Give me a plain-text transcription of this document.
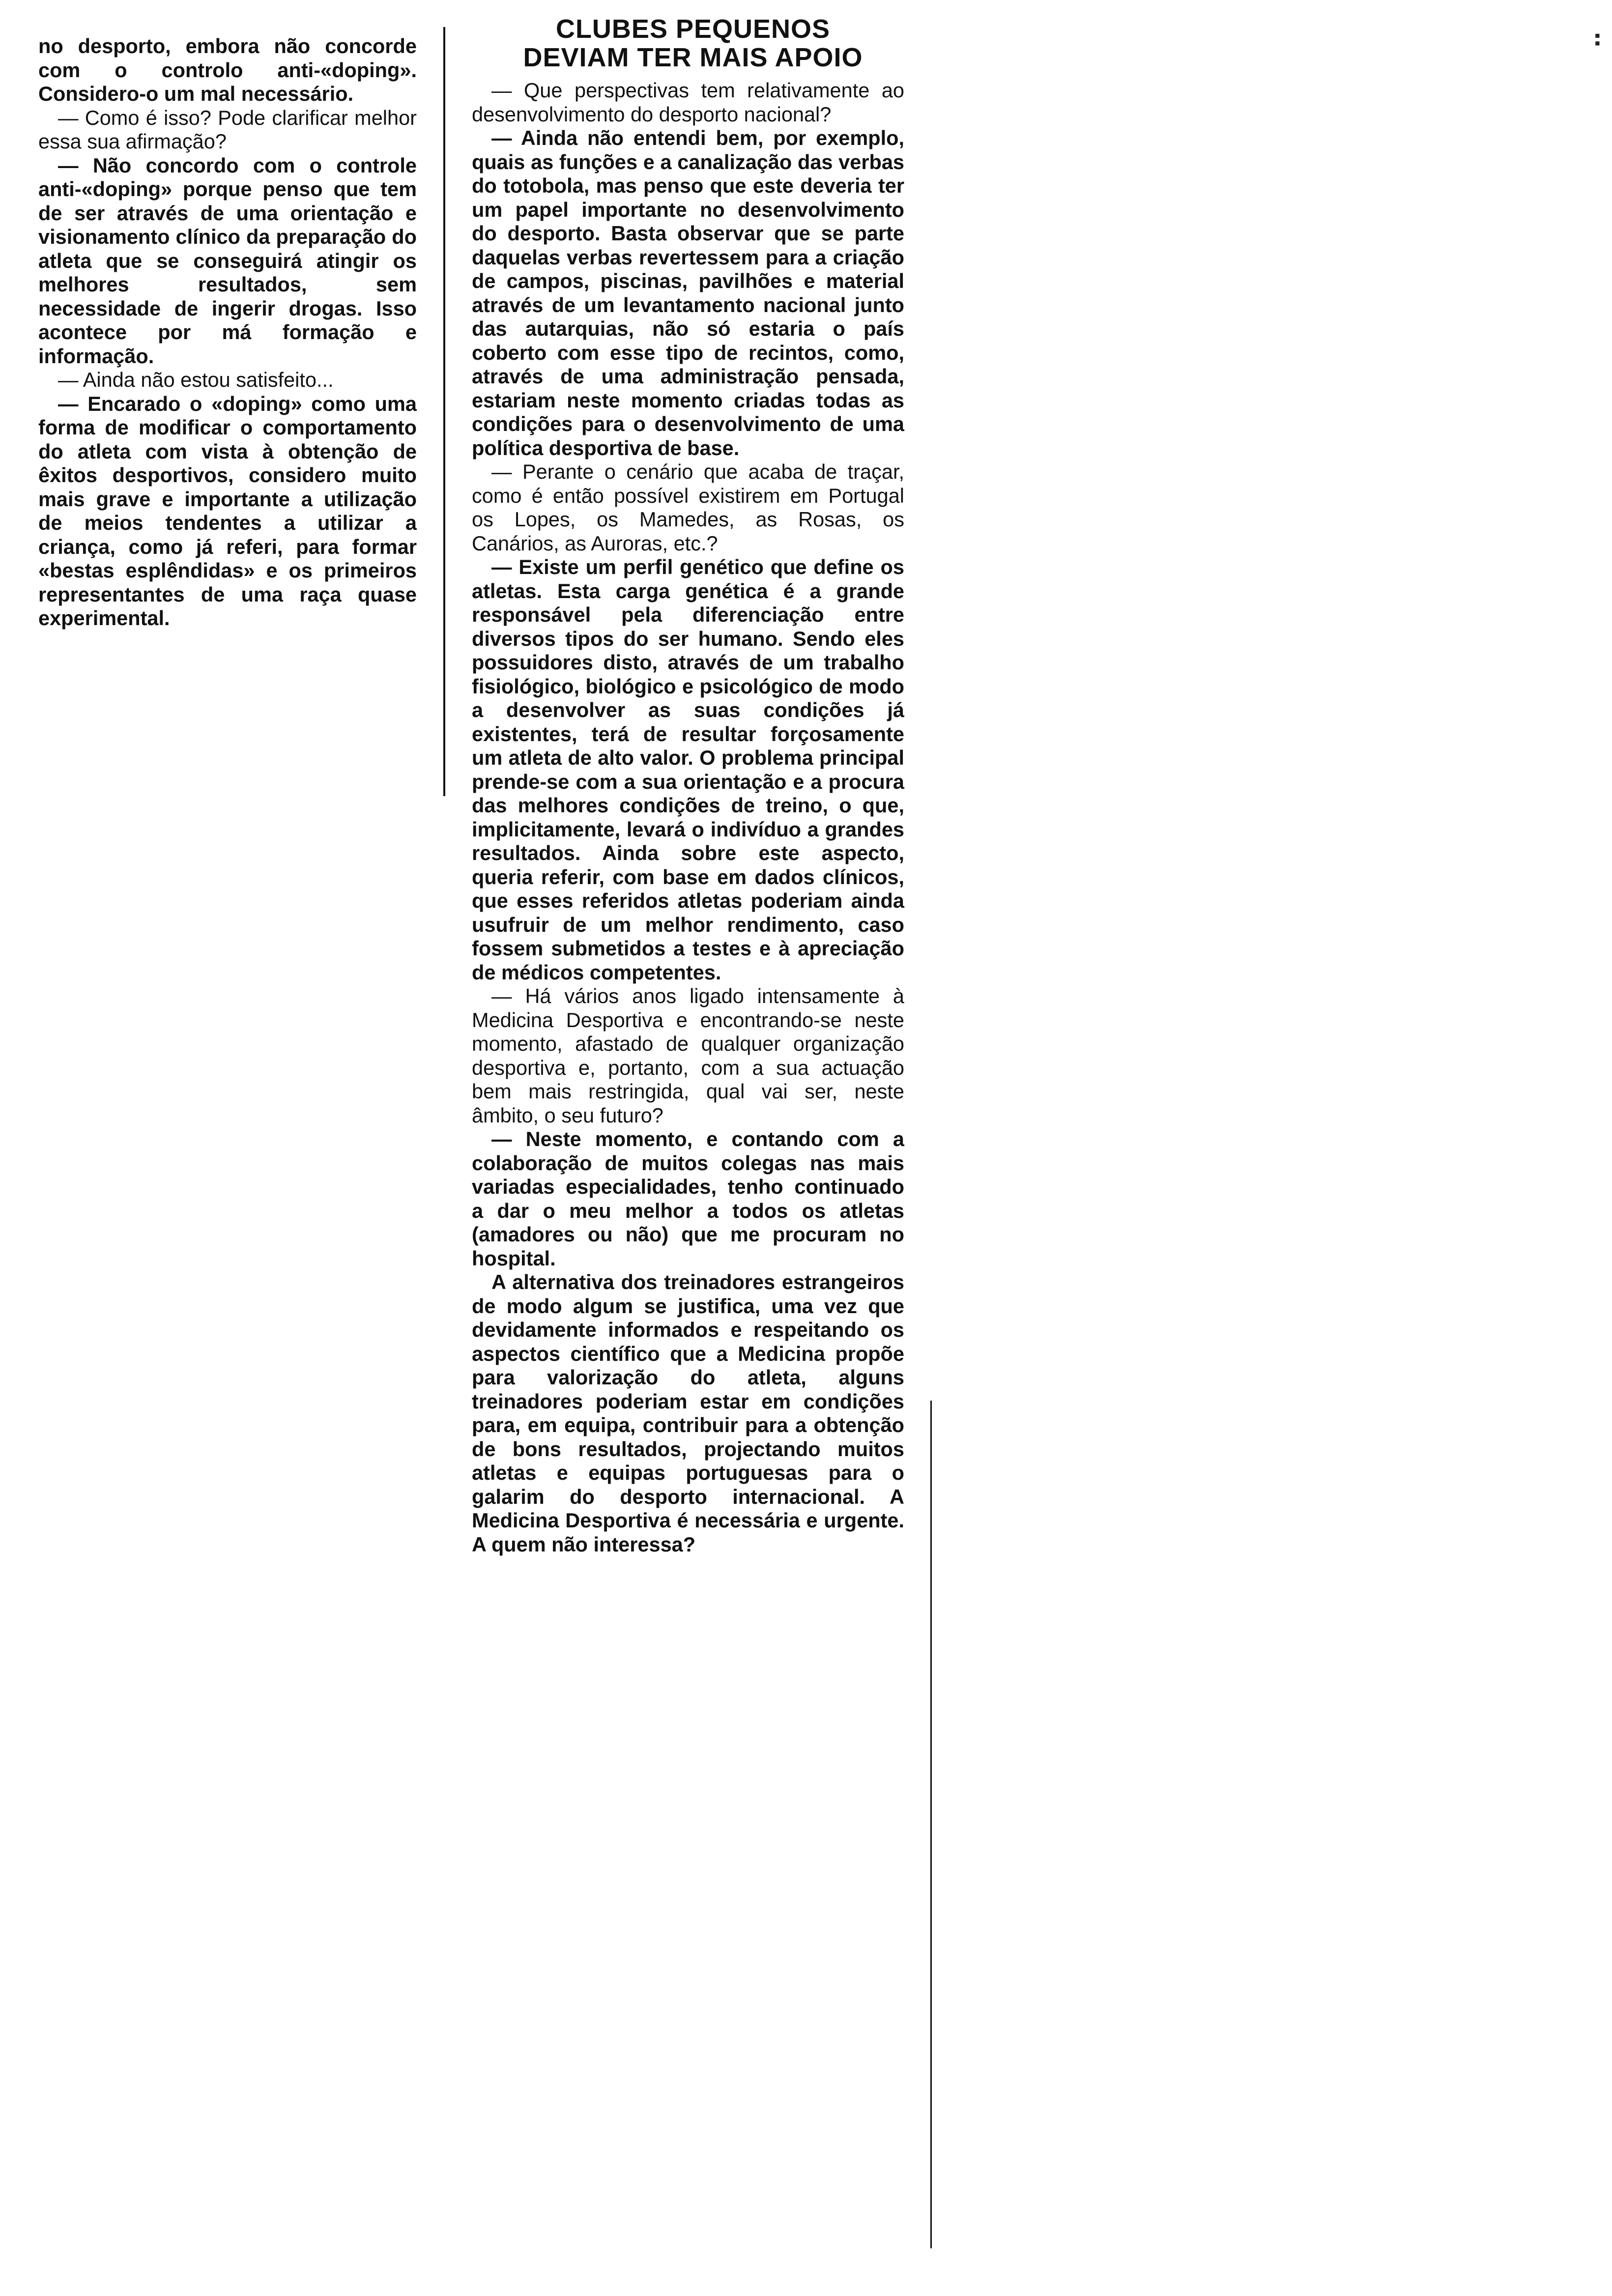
no desporto, embora não concorde com o controlo anti-«doping». Considero-o um mal necessário.

— Como é isso? Pode clarificar melhor essa sua afirmação?

— Não concordo com o controle anti-«doping» porque penso que tem de ser através de uma orientação e visionamento clínico da preparação do atleta que se conseguirá atingir os melhores resultados, sem necessidade de ingerir drogas. Isso acontece por má formação e informação.

— Ainda não estou satisfeito...

— Encarado o «doping» como uma forma de modificar o comportamento do atleta com vista à obtenção de êxitos desportivos, considero muito mais grave e importante a utilização de meios tendentes a utilizar a criança, como já referi, para formar «bestas esplêndidas» e os primeiros representantes de uma raça quase experimental.

CLUBES PEQUENOS DEVIAM TER MAIS APOIO

— Que perspectivas tem relativamente ao desenvolvimento do desporto nacional?

— Ainda não entendi bem, por exemplo, quais as funções e a canalização das verbas do totobola, mas penso que este deveria ter um papel importante no desenvolvimento do desporto. Basta observar que se parte daquelas verbas revertessem para a criação de campos, piscinas, pavilhões e material através de um levantamento nacional junto das autarquias, não só estaria o país coberto com esse tipo de recintos, como, através de uma administração pensada, estariam neste momento criadas todas as condições para o desenvolvimento de uma política desportiva de base.

— Perante o cenário que acaba de traçar, como é então possível existirem em Portugal os Lopes, os Mamedes, as Rosas, os Canários, as Auroras, etc.?

— Existe um perfil genético que define os atletas. Esta carga genética é a grande responsável pela diferenciação entre diversos tipos do ser humano. Sendo eles possuidores disto, através de um trabalho fisiológico, biológico e psicológico de modo a desenvolver as suas condições já existentes, terá de resultar forçosamente um atleta de alto valor. O problema principal prende-se com a sua orientação e a procura das melhores condições de treino, o que, implicitamente, levará o indivíduo a grandes resultados. Ainda sobre este aspecto, queria referir, com base em dados clínicos, que esses referidos atletas poderiam ainda usufruir de um melhor rendimento, caso fossem submetidos a testes e à apreciação de médicos competentes.

— Há vários anos ligado intensamente à Medicina Desportiva e encontrando-se neste momento, afastado de qualquer organização desportiva e, portanto, com a sua actuação bem mais restringida, qual vai ser, neste âmbito, o seu futuro?

— Neste momento, e contando com a colaboração de muitos colegas nas mais variadas especialidades, tenho continuado a dar o meu melhor a todos os atletas (amadores ou não) que me procuram no hospital.

A alternativa dos treinadores estrangeiros de modo algum se justifica, uma vez que devidamente informados e respeitando os aspectos científico que a Medicina propõe para valorização do atleta, alguns treinadores poderiam estar em condições para, em equipa, contribuir para a obtenção de bons resultados, projectando muitos atletas e equipas portuguesas para o galarim do desporto internacional. A Medicina Desportiva é necessária e urgente. A quem não interessa?

⠆
